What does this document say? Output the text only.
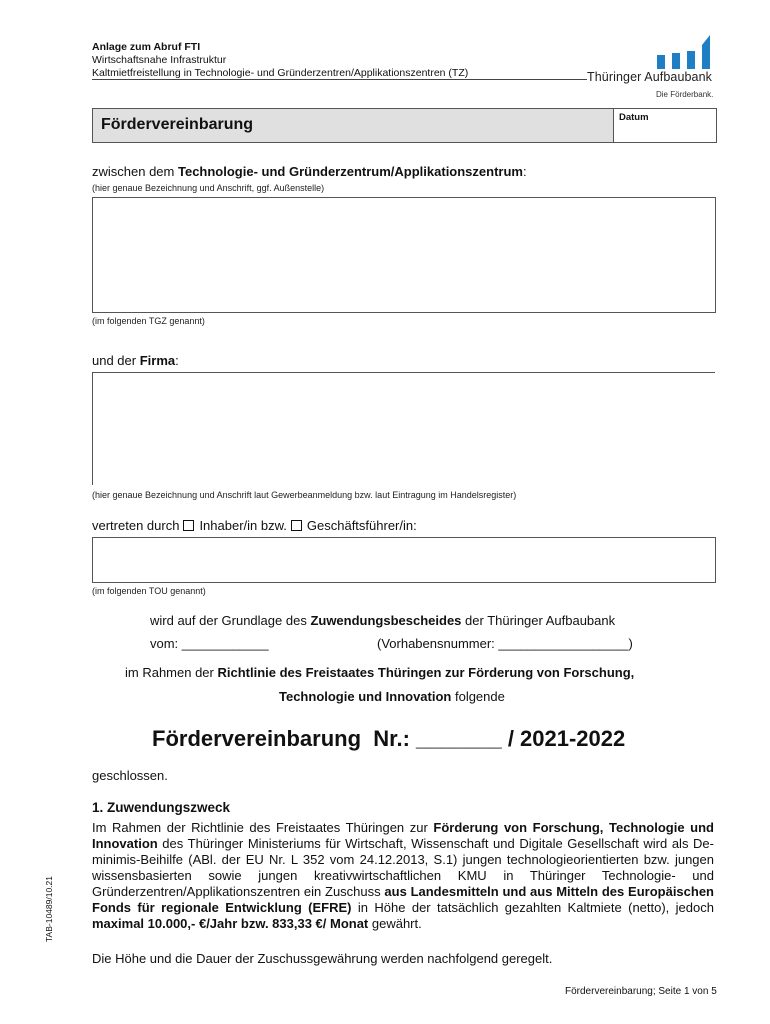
Anlage zum Abruf FTI
Wirtschaftsnahe Infrastruktur
Kaltmietfreistellung in Technologie- und Gründerzentren/Applikationszentren (TZ)	Thüringer Aufbaubank
Die Förderbank.
Fördervereinbarung	Datum
zwischen dem Technologie- und Gründerzentrum/Applikationszentrum:
(hier genaue Bezeichnung und Anschrift, ggf. Außenstelle)
(im folgenden TGZ genannt)
und der Firma:
(hier genaue Bezeichnung und Anschrift laut Gewerbeanmeldung bzw. laut Eintragung im Handelsregister)
vertreten durch Inhaber/in bzw. Geschäftsführer/in:
(im folgenden TOU genannt)
wird auf der Grundlage des Zuwendungsbescheides der Thüringer Aufbaubank
vom: ____________	(Vorhabensnummer: __________________)
im Rahmen der Richtlinie des Freistaates Thüringen zur Förderung von Forschung,
Technologie und Innovation folgende
Fördervereinbarung  Nr.: _______ / 2021-2022
geschlossen.
1. Zuwendungszweck
Im Rahmen der Richtlinie des Freistaates Thüringen zur Förderung von Forschung, Technologie und Innovation des Thüringer Ministeriums für Wirtschaft, Wissenschaft und Digitale Gesellschaft wird als De-minimis-Beihilfe (ABl. der EU Nr. L 352 vom 24.12.2013, S.1) jungen technologieorientierten bzw. jungen wissensbasierten sowie jungen kreativwirtschaftlichen KMU in Thüringer Technologie- und Gründerzentren/Applikationszentren ein Zuschuss aus Landesmitteln und aus Mitteln des Europäischen Fonds für regionale Entwicklung (EFRE) in Höhe der tatsächlich gezahlten Kaltmiete (netto), jedoch maximal 10.000,- €/Jahr bzw. 833,33 €/ Monat gewährt.
Die Höhe und die Dauer der Zuschussgewährung werden nachfolgend geregelt.
TAB-10489/10.21
Fördervereinbarung; Seite 1 von 5
